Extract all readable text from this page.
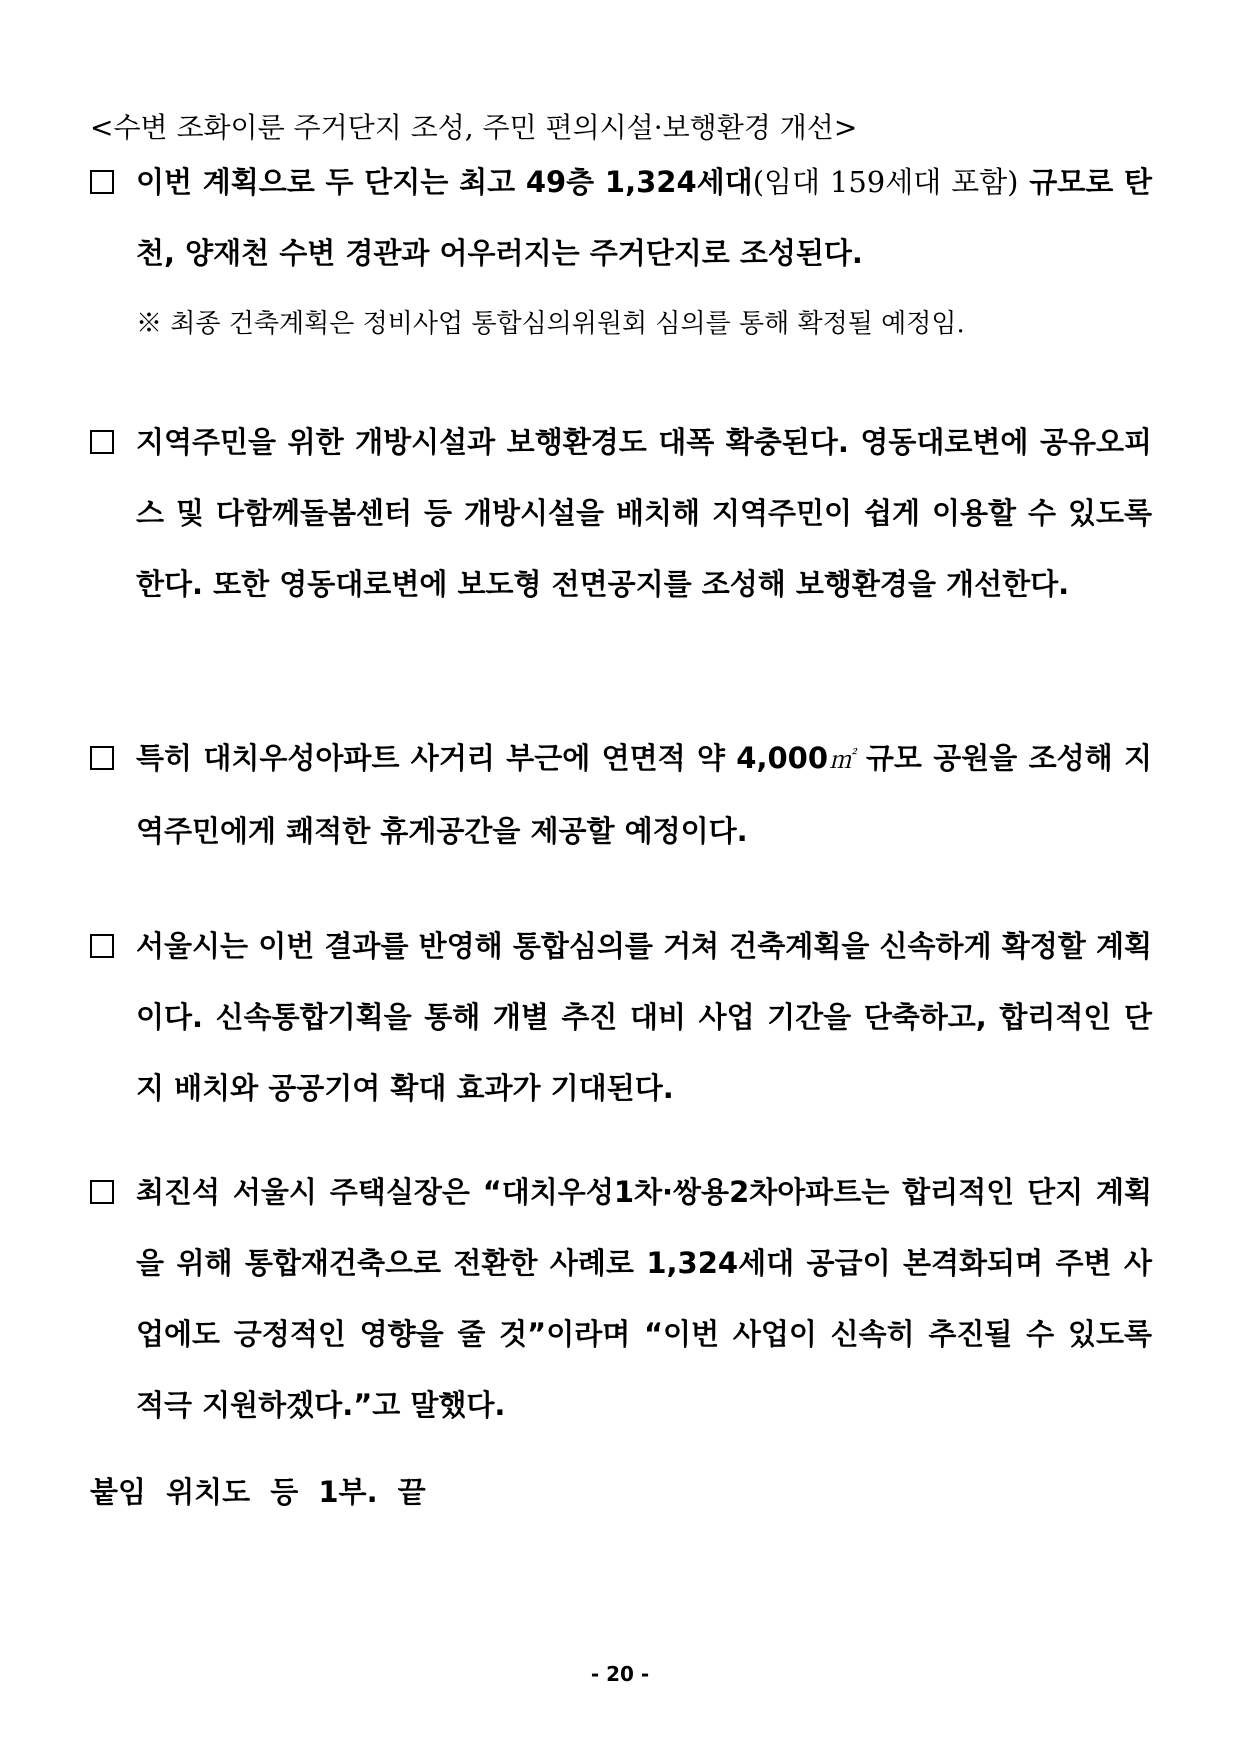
<수변 조화이룬 주거단지 조성, 주민 편의시설·보행환경 개선>
이번 계획으로 두 단지는 최고 49층 1,324세대(임대 159세대 포함) 규모로 탄천, 양재천 수변 경관과 어우러지는 주거단지로 조성된다.
※ 최종 건축계획은 정비사업 통합심의위원회 심의를 통해 확정될 예정임.
지역주민을 위한 개방시설과 보행환경도 대폭 확충된다. 영동대로변에 공유오피스 및 다함께돌봄센터 등 개방시설을 배치해 지역주민이 쉽게 이용할 수 있도록 한다. 또한 영동대로변에 보도형 전면공지를 조성해 보행환경을 개선한다.
특히 대치우성아파트 사거리 부근에 연면적 약 4,000㎡ 규모 공원을 조성해 지역주민에게 쾌적한 휴게공간을 제공할 예정이다.
서울시는 이번 결과를 반영해 통합심의를 거쳐 건축계획을 신속하게 확정할 계획이다. 신속통합기획을 통해 개별 추진 대비 사업 기간을 단축하고, 합리적인 단지 배치와 공공기여 확대 효과가 기대된다.
최진석 서울시 주택실장은 “대치우성1차·쌍용2차아파트는 합리적인 단지 계획을 위해 통합재건축으로 전환한 사례로 1,324세대 공급이 본격화되며 주변 사업에도 긍정적인 영향을 줄 것”이라며 “이번 사업이 신속히 추진될 수 있도록 적극 지원하겠다.”고 말했다.
붙임 위치도 등 1부. 끝
- 20 -
